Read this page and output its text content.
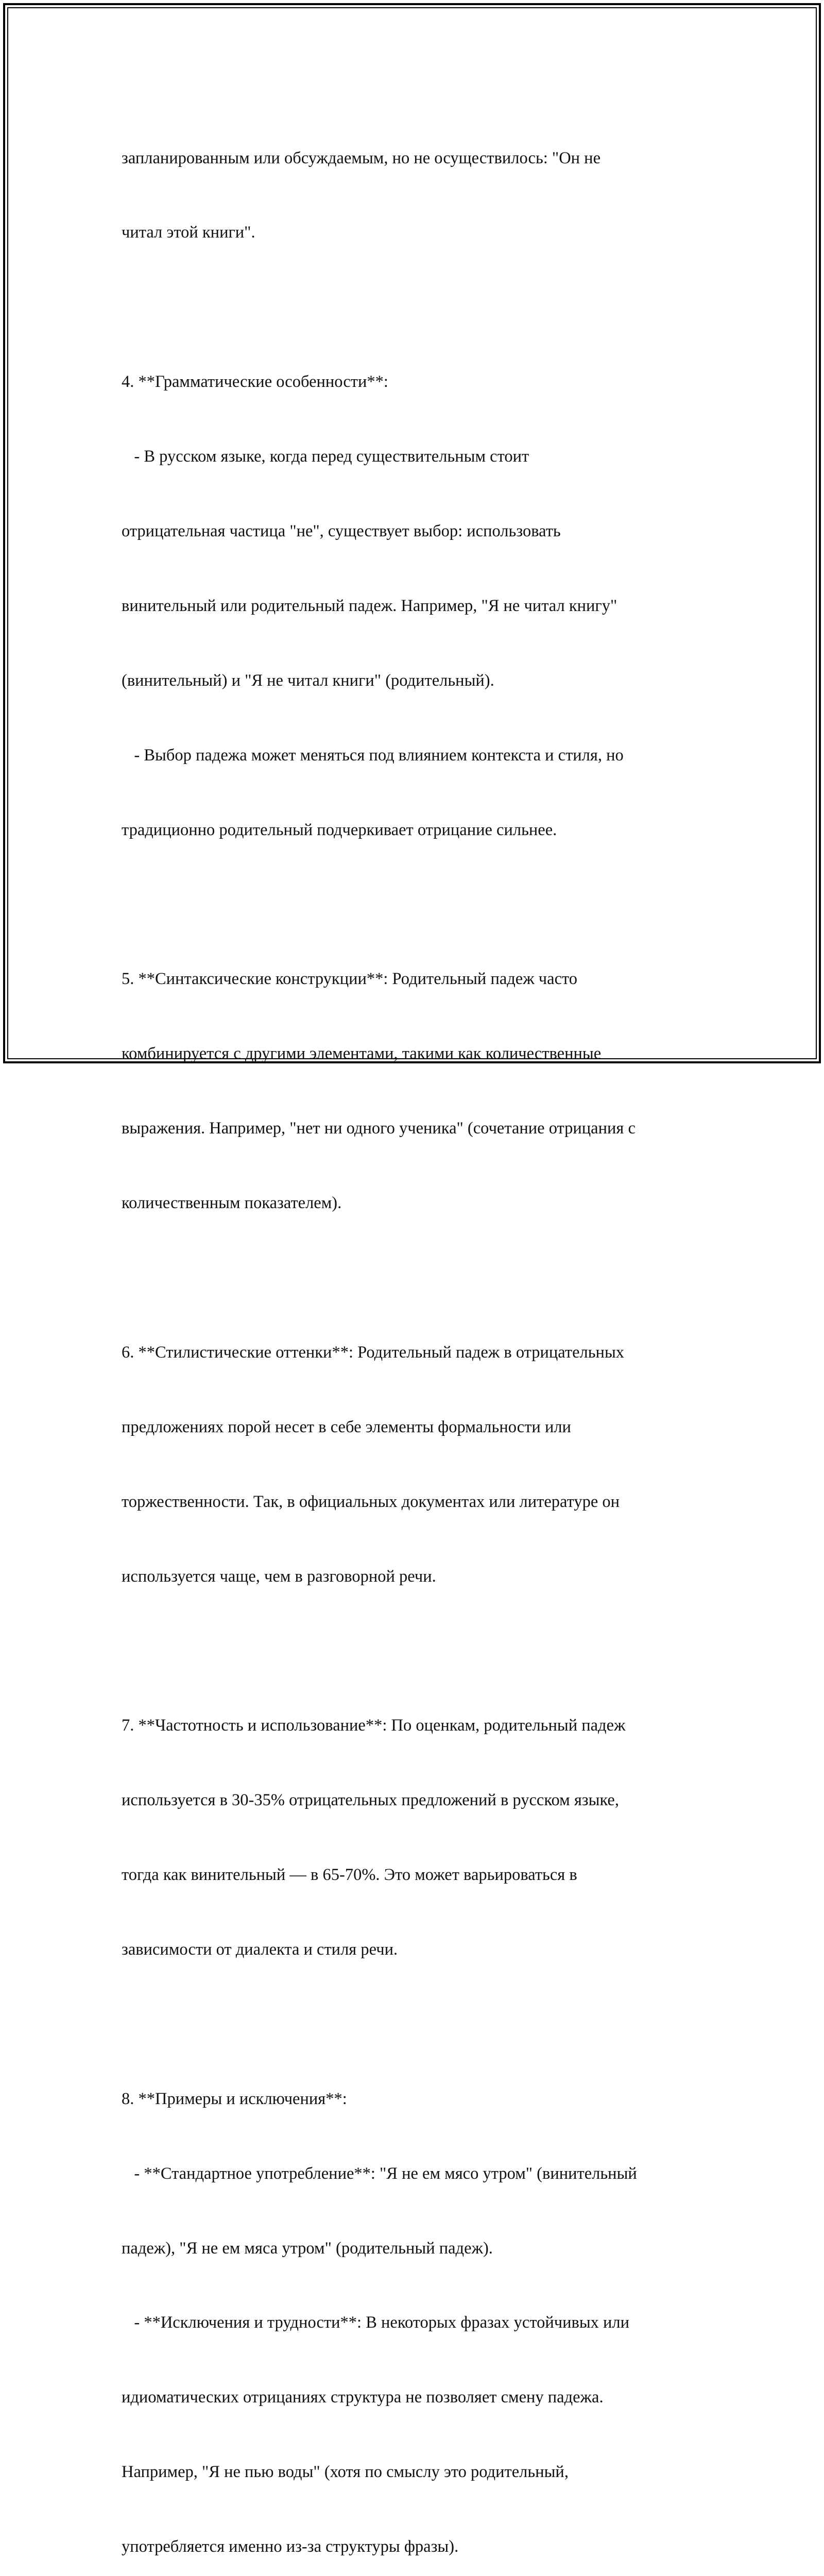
запланированным или обсуждаемым, но не осуществилось: "Он не

читал этой книги".

4. **Грамматические особенности**:

- В русском языке, когда перед существительным стоит

отрицательная частица "не", существует выбор: использовать

винительный или родительный падеж. Например, "Я не читал книгу"

(винительный) и "Я не читал книги" (родительный).

- Выбор падежа может меняться под влиянием контекста и стиля, но

традиционно родительный подчеркивает отрицание сильнее.

5. **Синтаксические конструкции**: Родительный падеж часто

комбинируется с другими элементами, такими как количественные

выражения. Например, "нет ни одного ученика" (сочетание отрицания с

количественным показателем).

6. **Стилистические оттенки**: Родительный падеж в отрицательных

предложениях порой несет в себе элементы формальности или

торжественности. Так, в официальных документах или литературе он

используется чаще, чем в разговорной речи.

7. **Частотность и использование**: По оценкам, родительный падеж

используется в 30-35% отрицательных предложений в русском языке,

тогда как винительный — в 65-70%. Это может варьироваться в

зависимости от диалекта и стиля речи.

8. **Примеры и исключения**:

- **Стандартное употребление**: "Я не ем мясо утром" (винительный

падеж), "Я не ем мяса утром" (родительный падеж).

- **Исключения и трудности**: В некоторых фразах устойчивых или

идиоматических отрицаниях структура не позволяет смену падежа.

Например, "Я не пью воды" (хотя по смыслу это родительный,

употребляется именно из-за структуры фразы).
